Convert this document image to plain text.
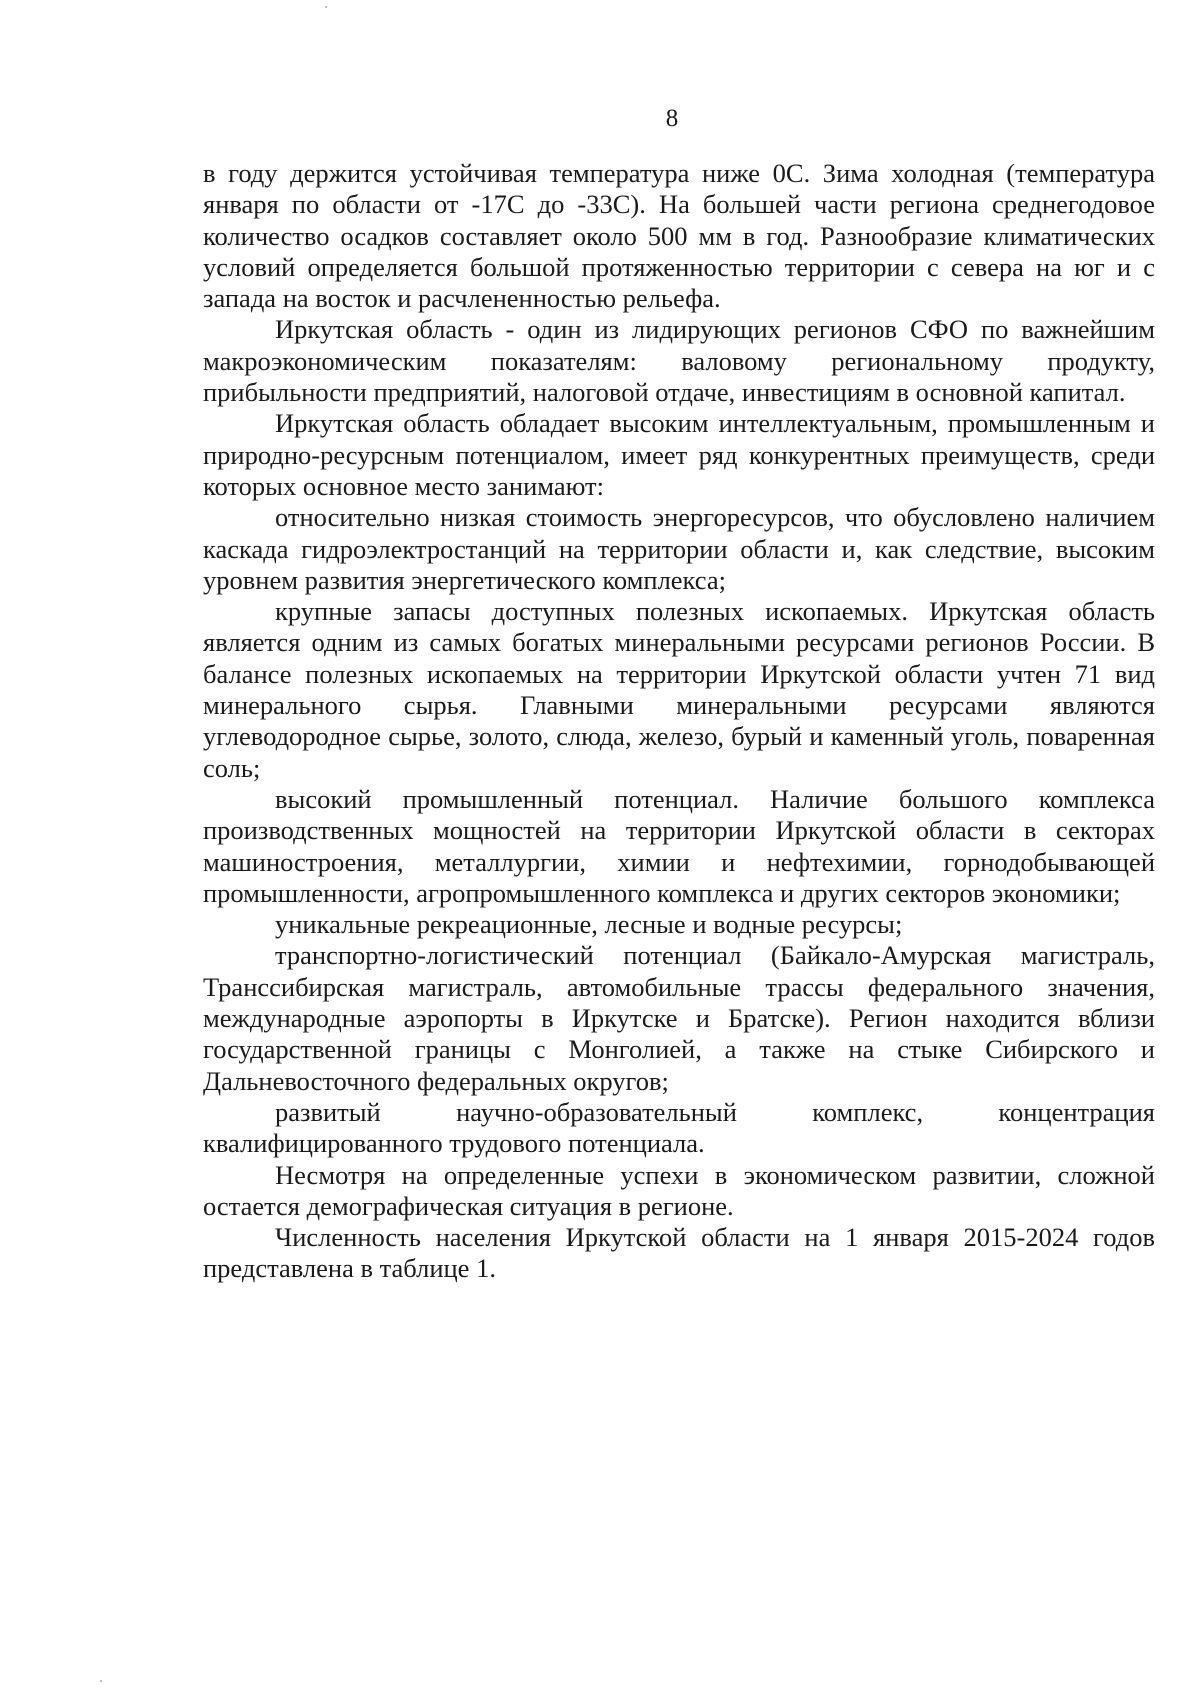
8

в году держится устойчивая температура ниже 0С. Зима холодная (температура января по области от -17С до -33С). На большей части региона среднегодовое количество осадков составляет около 500 мм в год. Разнообразие климатических условий определяется большой протяженностью территории с севера на юг и с запада на восток и расчлененностью рельефа.

Иркутская область - один из лидирующих регионов СФО по важнейшим макроэкономическим показателям: валовому региональному продукту, прибыльности предприятий, налоговой отдаче, инвестициям в основной капитал.

Иркутская область обладает высоким интеллектуальным, промышленным и природно-ресурсным потенциалом, имеет ряд конкурентных преимуществ, среди которых основное место занимают:

относительно низкая стоимость энергоресурсов, что обусловлено наличием каскада гидроэлектростанций на территории области и, как следствие, высоким уровнем развития энергетического комплекса;

крупные запасы доступных полезных ископаемых. Иркутская область является одним из самых богатых минеральными ресурсами регионов России. В балансе полезных ископаемых на территории Иркутской области учтен 71 вид минерального сырья. Главными минеральными ресурсами являются углеводородное сырье, золото, слюда, железо, бурый и каменный уголь, поваренная соль;

высокий промышленный потенциал. Наличие большого комплекса производственных мощностей на территории Иркутской области в секторах машиностроения, металлургии, химии и нефтехимии, горнодобывающей промышленности, агропромышленного комплекса и других секторов экономики;

уникальные рекреационные, лесные и водные ресурсы;

транспортно-логистический потенциал (Байкало-Амурская магистраль, Транссибирская магистраль, автомобильные трассы федерального значения, международные аэропорты в Иркутске и Братске). Регион находится вблизи государственной границы с Монголией, а также на стыке Сибирского и Дальневосточного федеральных округов;

развитый научно-образовательный комплекс, концентрация квалифицированного трудового потенциала.

Несмотря на определенные успехи в экономическом развитии, сложной остается демографическая ситуация в регионе.

Численность населения Иркутской области на 1 января 2015-2024 годов представлена в таблице 1.
